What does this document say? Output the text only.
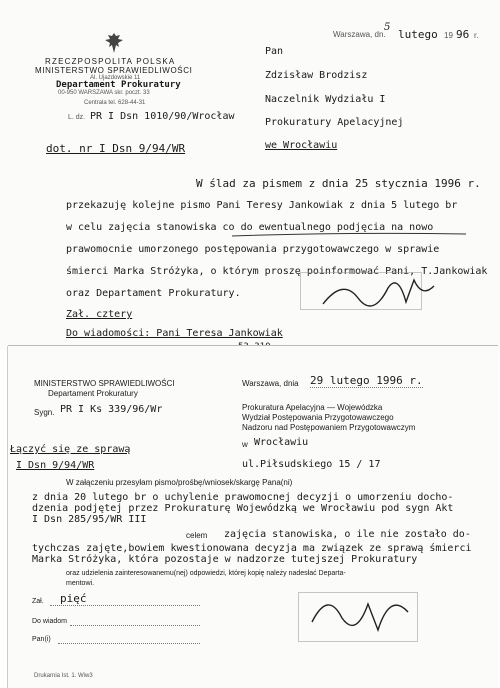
Warszawa, dn.
5
lutego 19 96 r.
RZECZPOSPOLITA POLSKA
MINISTERSTWO SPRAWIEDLIWOŚCI
Al. Ujazdowskie 11
Departament Prokuratury
00-950 WARSZAWA skr. poczt. 33
Centrala tel. 628-44-31
L. dz. PR I Dsn 1010/90/Wrocław
dot. nr I Dsn 9/94/WR
Pan
Zdzisław Brodzisz
Naczelnik Wydziału I
Prokuratury Apelacyjnej
we Wrocławiu
W ślad za pismem z dnia 25 stycznia 1996 r.
przekazuję kolejne pismo Pani Teresy Jankowiak z dnia 5 lutego br
w celu zajęcia stanowiska co do ewentualnego podjęcia na nowo
prawomocnie umorzonego postępowania przygotowawczego w sprawie
śmierci Marka Stróżyka, o którym proszę poinformować Pani, T.Jankowiak
oraz Departament Prokuratury.
Zał. cztery
Do wiadomości: Pani Teresa Jankowiak
MINISTERSTWO SPRAWIEDLIWOŚCI
Departament Prokuratury
Warszawa, dnia 29 lutego 1996 r.
Sygn. PR I Ks 339/96/Wr	Prokuratura Apelacyjna — Wojewódzka
Wydział Postępowania Przygotowawczego
Nadzoru nad Postępowaniem Przygotowawczym
w Wrocławiu
ul.Piłsudskiego 15 / 17
Łączyć się ze sprawą
I Dsn 9/94/WR
W załączeniu przesyłam pismo/prośbę/wniosek/skargę Pana(ni)
z dnia 20 lutego br o uchylenie prawomocnej decyzji o umorzeniu docho-
dzenia podjętej przez Prokuraturę Wojewódzką we Wrocławiu pod sygn Akt
I Dsn 285/95/WR III
celem zajęcia stanowiska, o ile nie zostało do-
tychczas zajęte,bowiem kwestionowana decyzja ma związek ze sprawą śmierci
Marka Stróżyka, która pozostaje w nadzorze tutejszej Prokuratury
oraz udzielenia zainteresowanemu(nej) odpowiedzi, której kopię należy nadesłać Departa-
mentowi.
Zał. pięć
Do wiadom
Pan(i)
Drukarnia Ist. 1. Wiw3
